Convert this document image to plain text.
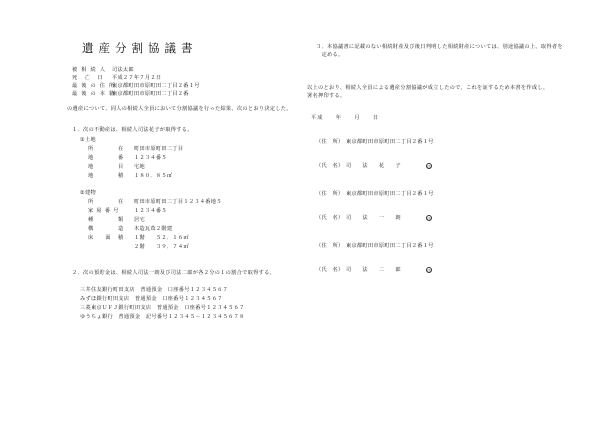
遺産分割協議書
被 相 続 人 司法太郎
死　亡　日 平成２７年７月２日
最 後 の 住 所 東京都町田市原町田二丁目２番１号
最 後 の 本 籍 東京都町田市原町田二丁目２番
の遺産について、同人の相続人全員において分割協議を行った結果、次のとおり決定した。
１．次の不動産は、相続人司法花子が取得する。
①土地
所	在 町田市原町田二丁目
地	番 １２３４番５
地	目 宅地
地	積 １８０．８５㎡
②建物
所	在 町田市原町田二丁目１２３４番地５
家 屋 番 号	１２３４番５
種	類 居宅
構	造 木造瓦葺２階建
床　面 積 １階　　５２．１６㎡
２階　　３９．７４㎡
２．次の預貯金は、相続人司法一朗及び司法二郎が各２分の１の割合で取得する。
三井住友銀行町田支店　普通預金　口座番号１２３４５６７
みずほ銀行町田支店　普通預金　口座番号１２３４５６７
三菱東京ＵＦＪ銀行町田支店　普通預金　口座番号１２３４５６７
ゆうちょ銀行　普通預金　記号番号１２３４５－１２３４５６７８
３．本協議書に記載のない相続財産及び後日判明した相続財産については、別途協議の上、取得者を
　定める。
以上のとおり、相続人全員による遺産分割協議が成立したので、これを証するため本書を作成し、
署名押印する。
平成　　年　　月　　日
（住　所） 東京都町田市原町田二丁目２番１号
（氏　名） 司　　法　　花　　子	印
（住　所） 東京都町田市原町田二丁目２番１号
（氏　名） 司　　法　　一　　朗	印
（住　所） 東京都町田市原町田二丁目２番１号
（氏　名） 司　　法　　二　　郎	印
